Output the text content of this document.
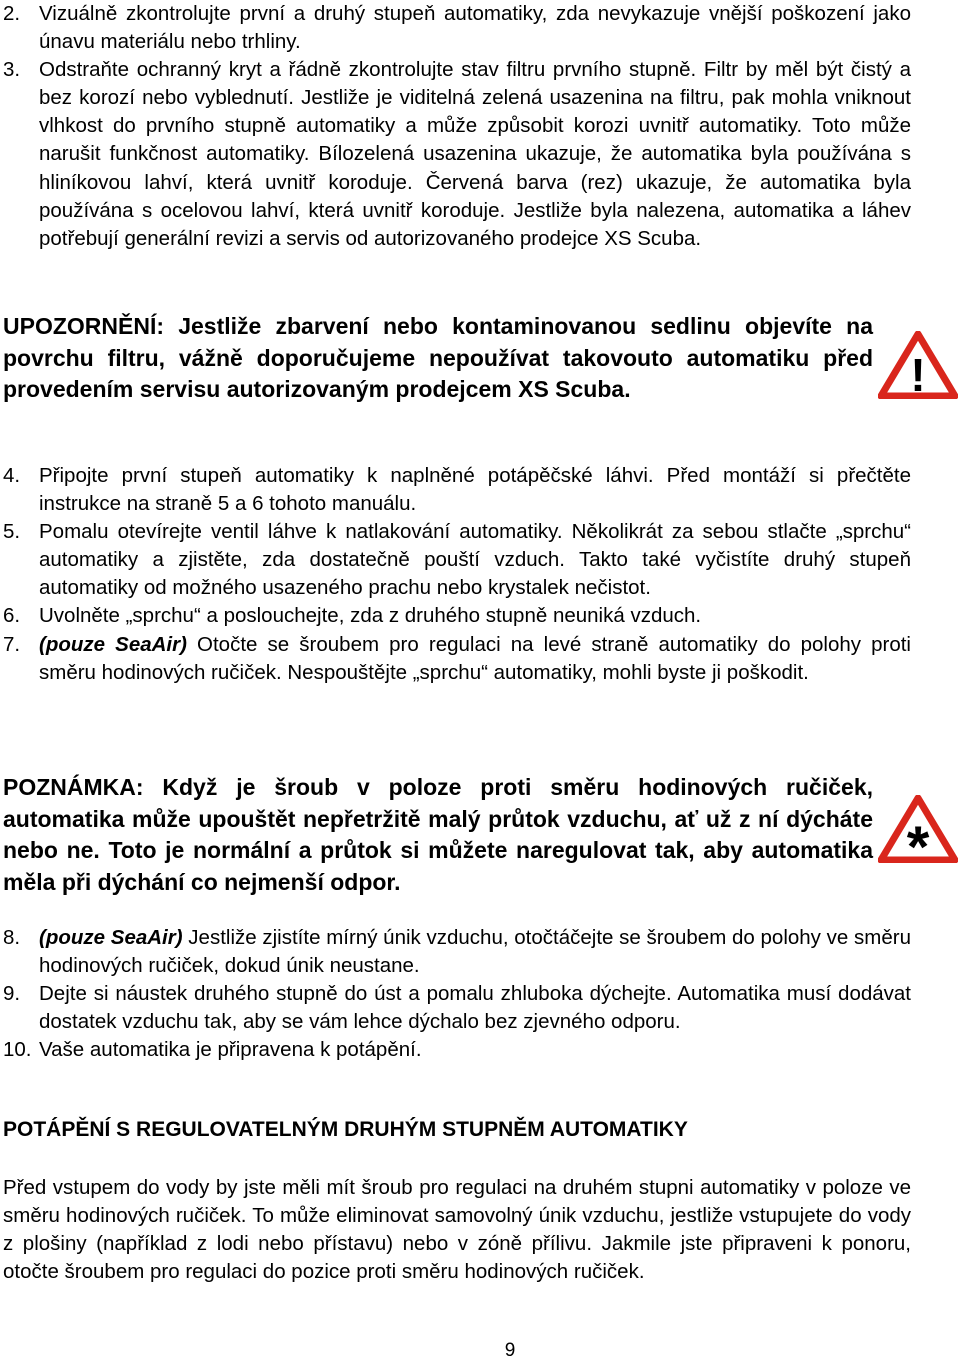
2. Vizuálně zkontrolujte první a druhý stupeň automatiky, zda nevykazuje vnější poškození jako únavu materiálu nebo trhliny.
3. Odstraňte ochranný kryt a řádně zkontrolujte stav filtru prvního stupně. Filtr by měl být čistý a bez korozí nebo vyblednutí. Jestliže je viditelná zelená usazenina na filtru, pak mohla vniknout vlhkost do prvního stupně automatiky a může způsobit korozi uvnitř automatiky. Toto může narušit funkčnost automatiky. Bílozelená usazenina ukazuje, že automatika byla používána s hliníkovou lahví, která uvnitř koroduje. Červená barva (rez) ukazuje, že automatika byla používána s ocelovou lahví, která uvnitř koroduje. Jestliže byla nalezena, automatika a láhev potřebují generální revizi a servis od autorizovaného prodejce XS Scuba.
UPOZORNĚNÍ: Jestliže zbarvení nebo kontaminovanou sedlinu objevíte na povrchu filtru, vážně doporučujeme nepoužívat takovouto automatiku před provedením servisu autorizovaným prodejcem XS Scuba.	!
4. Připojte první stupeň automatiky k naplněné potápěčské láhvi. Před montáží si přečtěte instrukce na straně 5 a 6 tohoto manuálu.
5. Pomalu otevírejte ventil láhve k natlakování automatiky. Několikrát za sebou stlačte „sprchu“ automatiky a zjistěte, zda dostatečně pouští vzduch. Takto také vyčistíte druhý stupeň automatiky od možného usazeného prachu nebo krystalek nečistot.
6. Uvolněte „sprchu“ a poslouchejte, zda z druhého stupně neuniká vzduch.
7. (pouze SeaAir) Otočte se šroubem pro regulaci na levé straně automatiky do polohy proti směru hodinových ručiček. Nespouštějte „sprchu“ automatiky, mohli byste ji poškodit.
POZNÁMKA: Když je šroub v poloze proti směru hodinových ručiček, automatika může upouštět nepřetržitě malý průtok vzduchu, ať už z ní dýcháte nebo ne. Toto je normální a průtok si můžete naregulovat tak, aby automatika měla při dýchání co nejmenší odpor.
*
8. (pouze SeaAir) Jestliže zjistíte mírný únik vzduchu, otočtáčejte se šroubem do polohy ve směru hodinových ručiček, dokud únik neustane.
9. Dejte si náustek druhého stupně do úst a pomalu zhluboka dýchejte. Automatika musí dodávat dostatek vzduchu tak, aby se vám lehce dýchalo bez zjevného odporu.
10. Vaše automatika je připravena k potápění.
POTÁPĚNÍ S REGULOVATELNÝM DRUHÝM STUPNĚM AUTOMATIKY
Před vstupem do vody by jste měli mít šroub pro regulaci na druhém stupni automatiky v poloze ve směru hodinových ručiček. To může eliminovat samovolný únik vzduchu, jestliže vstupujete do vody z plošiny (například z lodi nebo přístavu) nebo v zóně přílivu. Jakmile jste připraveni k ponoru, otočte šroubem pro regulaci do pozice proti směru hodinových ručiček.
9
